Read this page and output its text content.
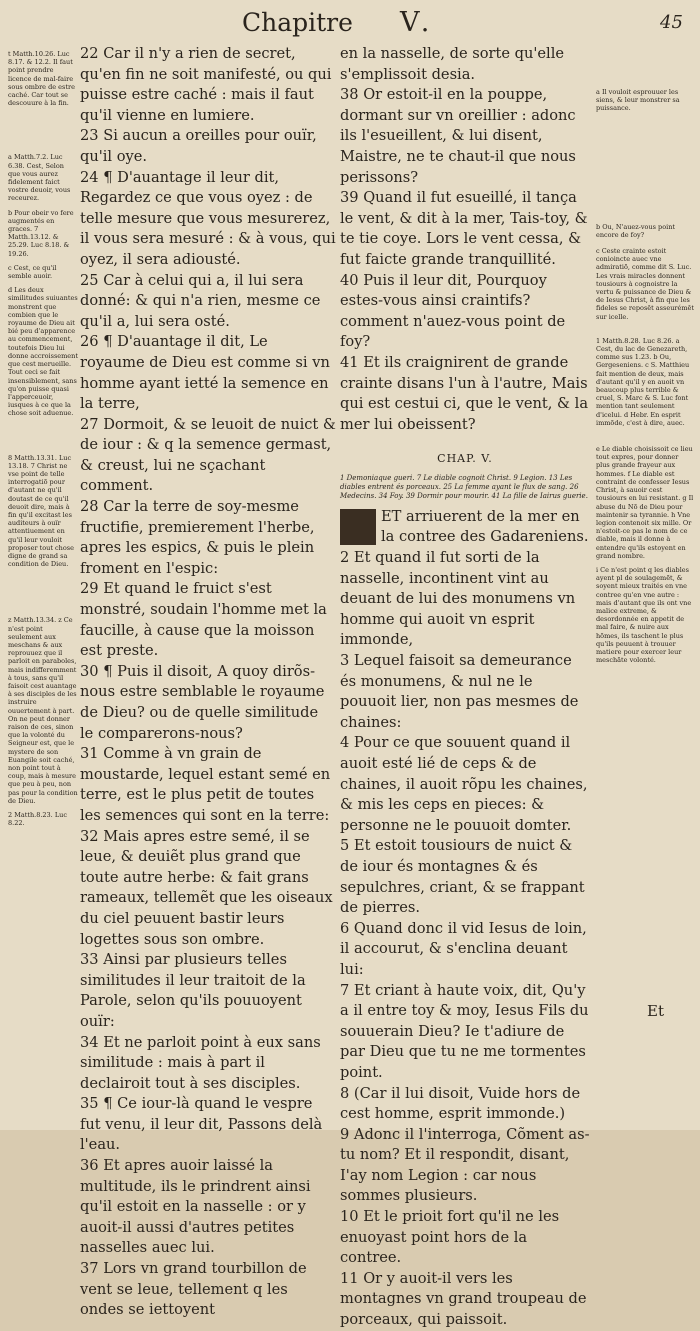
Chapitre	V.	45
t Matth.10.26. Luc 8.17. & 12.2. Il faut point prendre licence de mal-faire sous ombre de estre caché. Car tout se descouure à la fin.
a Matth.7.2. Luc 6.38. Cest, Selon que vous aurez fidelement faict vostre deuoir, vous receurez.
b Pour obeir vo fere augmentés en graces. 7 Matth.13.12. & 25.29. Luc 8.18. & 19.26.
c Cest, ce qu'il semble auoir.
d Les deux similitudes suiuantes monstrent que combien que le royaume de Dieu ait bié peu d'apparence au commencement, toutefois Dieu lui donne accroissement que cest merueille. Tout ceci se fait insensiblement, sans qu'on puisse quasi l'apperceuoir, iusques à ce que la chose soit aduenue.
8 Matth.13.31. Luc 13.18. 7 Christ ne vse point de telle interrogatiõ pour d'autant ne qu'il doutast de ce qu'il deuoit dire, mais à fin qu'il excitast les auditeurs à ouïr attentiuement en qu'il leur vouloit proposer tout chose digne de grand sa condition de Dieu.
z Matth.13.34. z Ce n'est point seulement aux meschans & aux reprouuez que il parloit en paraboles, mais indifferemment à tous, sans qu'il faisoit cest auantage à ses disciples de les instruire ouuertement à part. On ne peut donner raison de ces, sinon que la volonté du Seigneur est, que le mystere de son Euangile soit caché, non point tout à coup, mais à mesure que peu à peu, non pas pour la condition de Dieu.
2 Matth.8.23. Luc 8.22.

22 Car il n'y a rien de secret, qu'en fin ne soit manifesté, ou qui puisse estre caché : mais il faut qu'il vienne en lumiere.

23 Si aucun a oreilles pour ouïr, qu'il oye.

24 ¶ D'auantage il leur dit, Regardez ce que vous oyez : de telle mesure que vous mesurerez, il vous sera mesuré : & à vous, qui oyez, il sera adiousté.

25 Car à celui qui a, il lui sera donné: & qui n'a rien, mesme ce qu'il a, lui sera osté.

26 ¶ D'auantage il dit, Le royaume de Dieu est comme si vn homme ayant ietté la semence en la terre,

27 Dormoit, & se leuoit de nuict & de iour : & q la semence germast, & creust, lui ne sçachant comment.

28 Car la terre de soy-mesme fructifie, premierement l'herbe, apres les espics, & puis le plein froment en l'espic:

29 Et quand le fruict s'est monstré, soudain l'homme met la faucille, à cause que la moisson est preste.

30 ¶ Puis il disoit, A quoy dirõs-nous estre semblable le royaume de Dieu? ou de quelle similitude le comparerons-nous?

31 Comme à vn grain de moustarde, lequel estant semé en terre, est le plus petit de toutes les semences qui sont en la terre:

32 Mais apres estre semé, il se leue, & deuiẽt plus grand que toute autre herbe: & fait grans rameaux, tellemẽt que les oiseaux du ciel peuuent bastir leurs logettes sous son ombre.

33 Ainsi par plusieurs telles similitudes il leur traitoit de la Parole, selon qu'ils pouuoyent ouïr:

34 Et ne parloit point à eux sans similitude : mais à part il declairoit tout à ses disciples.

35 ¶ Ce iour-là quand le vespre fut venu, il leur dit, Passons delà l'eau.

36 Et apres auoir laissé la multitude, ils le prindrent ainsi qu'il estoit en la nasselle : or y auoit-il aussi d'autres petites nasselles auec lui.

37 Lors vn grand tourbillon de vent se leue, tellement q les ondes se iettoyent

en la nasselle, de sorte qu'elle s'emplissoit desia.

38 Or estoit-il en la pouppe, dormant sur vn oreillier : adonc ils l'esueillent, & lui disent, Maistre, ne te chaut-il que nous perissons?

39 Quand il fut esueillé, il tança le vent, & dit à la mer, Tais-toy, & te tie coye. Lors le vent cessa, & fut faicte grande tranquillité.

40 Puis il leur dit, Pourquoy estes-vous ainsi craintifs? comment n'auez-vous point de foy?

41 Et ils craignirent de grande crainte disans l'un à l'autre, Mais qui est cestui ci, que le vent, & la mer lui obeissent?

CHAP. V.

1 Demoniaque gueri. 7 Le diable cognoit Christ. 9 Legion. 13 Les diables entrent és porceaux. 25 La femme ayant le flux de sang. 26 Medecins. 34 Foy. 39 Dormir pour mourir. 41 La fille de Iairus guerie.

ET arriuerent de la mer en la contree des Gadareniens.

2 Et quand il fut sorti de la nasselle, incontinent vint au deuant de lui des monumens vn homme qui auoit vn esprit immonde,

3 Lequel faisoit sa demeurance és monumens, & nul ne le pouuoit lier, non pas mesmes de chaines:

4 Pour ce que souuent quand il auoit esté lié de ceps & de chaines, il auoit rõpu les chaines, & mis les ceps en pieces: & personne ne le pouuoit domter.

5 Et estoit tousiours de nuict & de iour és montagnes & és sepulchres, criant, & se frappant de pierres.

6 Quand donc il vid Iesus de loin, il accourut, & s'enclina deuant lui:

7 Et criant à haute voix, dit, Qu'y a il entre toy & moy, Iesus Fils du souuerain Dieu? Ie t'adiure de par Dieu que tu ne me tormentes point.

8 (Car il lui disoit, Vuide hors de cest homme, esprit immonde.)

9 Adonc il l'interroga, Cõment as-tu nom? Et il respondit, disant, I'ay nom Legion : car nous sommes plusieurs.

10 Et le prioit fort qu'il ne les enuoyast point hors de la contree.

11 Or y auoit-il vers les montagnes vn grand troupeau de porceaux, qui paissoit.

a Il vouloit esprouuer les siens, & leur monstrer sa puissance.
b Ou, N'auez-vous point encore de foy?
c Ceste crainte estoit conioincte auec vne admiratiõ, comme dit S. Luc. Les vrais miracles donnent tousiours à cognoistre la vertu & puissance de Dieu & de Iesus Christ, à fin que les fideles se reposēt asseurémēt sur icelle.
1 Matth.8.28. Luc 8.26. a Cest, du lac de Genezareth, comme sus 1.23. b Ou, Gergeseniens. c S. Matthieu fait mention de deux, mais d'autant qu'il y en auoit vn beaucoup plus terrible & cruel, S. Marc & S. Luc font mention tant seulement d'icelui. d Hebr. En esprit immõde, c'est à dire, auec.
e Le diable choisissoit ce lieu tout expres, pour donner plus grande frayeur aux hommes. f Le diable est contraint de confesser Iesus Christ, à sauoir cest tousiours en lui resistant. g Il abuse du Nõ de Dieu pour maintenir sa tyrannie. h Vne legion contenoit six mille. Or n'estoit-ce pas le nom de ce diable, mais il donne à entendre qu'ils estoyent en grand nombre.
i Ce n'est point q les diables ayent pl de soulagemẽt, & soyent mieux traités en vne contree qu'en vne autre : mais d'autant que ils ont vne malice extreme, & desordonnée en appetit de mal faire, & nuire aux hõmes, ils taschent le plus qu'ils peuuent à trouuer matiere pour exercer leur meschãte volonté.
Et
